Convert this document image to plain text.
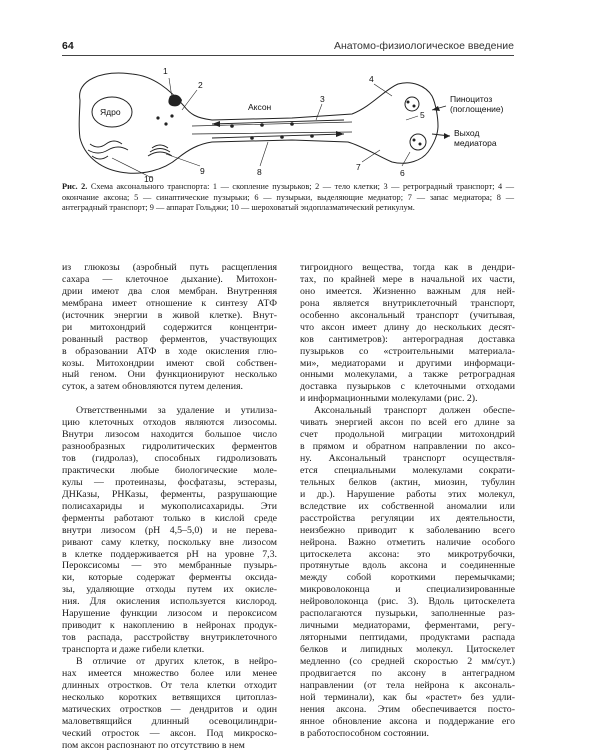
64	Анатомо-физиологическое введение
1
2
3
4
5
6
7
8
9
10
Ядро	Аксон
Пиноцитоз
(поглощение)
Выход
медиатора
Рис. 2. Схема аксонального транспорта: 1 — скопление пузырьков; 2 — тело клетки; 3 — ретроградный транспорт; 4 — окончание аксона; 5 — синаптические пузырьки; 6 — пузырьки, выделяющие медиатор; 7 — запас медиатора; 8 — антеградный транспорт; 9 — аппарат Гольджи; 10 — шероховатый эндоплазматический ретикулум.
из глюкозы (аэробный путь расщепления
сахара — клеточное дыхание). Митохон-
дрии имеют два слоя мембран. Внутренняя
мембрана имеет отношение к синтезу АТФ
(источник энергии в живой клетке). Внут-
ри митохондрий содержится концентри-
рованный раствор ферментов, участвующих
в образовании АТФ в ходе окисления глю-
козы. Митохондрии имеют свой собствен-
ный геном. Они функционируют несколько
суток, а затем обновляются путем деления.
Ответственными за удаление и утилиза-
цию клеточных отходов являются лизосомы.
Внутри лизосом находится большое число
разнообразных гидролитических ферментов
тов (гидролаз), способных гидролизовать
практически любые биологические моле-
кулы — протеиназы, фосфатазы, эстеразы,
ДНКазы, РНКазы, ферменты, разрушающие
полисахариды и мукополисахариды. Эти
ферменты работают только в кислой среде
внутри лизосом (рН 4,5–5,0) и не перева-
ривают саму клетку, поскольку вне лизосом
в клетке поддерживается рН на уровне 7,3.
Пероксисомы — это мембранные пузырь-
ки, которые содержат ферменты оксида-
зы, удаляющие отходы путем их окисле-
ния. Для окисления используется кислород.
Нарушение функции лизосом и пероксисом
приводит к накоплению в нейронах продук-
тов распада, расстройству внутриклеточного
транспорта и даже гибели клетки.
В отличие от других клеток, в нейро-
нах имеется множество более или менее
длинных отростков. От тела клетки отходит
несколько коротких ветвящихся цитоплаз-
матических отростков — дендритов и один
маловетвящийся длинный осевоцилиндри-
ческий отросток — аксон. Под микроско-
пом аксон распознают по отсутствию в нем
тигроидного вещества, тогда как в дендри-
тах, по крайней мере в начальной их части,
оно имеется. Жизненно важным для ней-
рона является внутриклеточный транспорт,
особенно аксональный транспорт (учитывая,
что аксон имеет длину до нескольких десят-
ков сантиметров): антероградная доставка
пузырьков со «строительными материала-
ми», медиаторами и другими информаци-
онными молекулами, а также ретроградная
доставка пузырьков с клеточными отходами
и информационными молекулами (рис. 2).
Аксональный транспорт должен обеспе-
чивать энергией аксон по всей его длине за
счет продольной миграции митохондрий
в прямом и обратном направлении по аксо-
ну. Аксональный транспорт осуществля-
ется специальными молекулами сократи-
тельных белков (актин, миозин, тубулин
и др.). Нарушение работы этих молекул,
вследствие их собственной аномалии или
расстройства регуляции их деятельности,
неизбежно приводит к заболеванию всего
нейрона. Важно отметить наличие особого
цитоскелета аксона: это микротрубочки,
протянутые вдоль аксона и соединенные
между собой короткими перемычками;
микроволоконца и специализированные
нейроволоконца (рис. 3). Вдоль цитоскелета
располагаются пузырьки, заполненные раз-
личными медиаторами, ферментами, регу-
ляторными пептидами, продуктами распада
белков и липидных молекул. Цитоскелет
медленно (со средней скоростью 2 мм/сут.)
продвигается по аксону в антеградном
направлении (от тела нейрона к аксональ-
ной терминали), как бы «растет» без удли-
нения аксона. Этим обеспечивается посто-
янное обновление аксона и поддержание его
в работоспособном состоянии.
